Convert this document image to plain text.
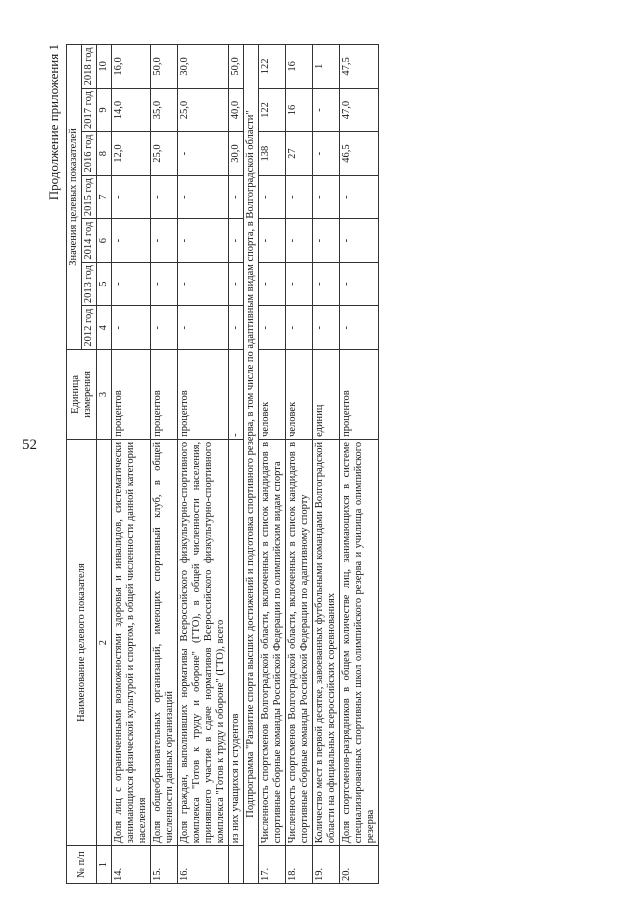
52
Продолжение приложения 1
№ п/п	Наименование целевого показателя	Единица измерения	Значения целевых показателей						
			2012 год	2013 год	2014 год	2015 год	2016 год	2017 год	2018 год
1	2	3	4	5	6	7	8	9	10
14.	Доля лиц с ограниченными возможностями здоровья и инвалидов, систематически занимающихся физической культурой и спортом, в общей численности данной категории населения	процентов	-	-	-	-	12,0	14,0	16,0
15.	Доля общеобразовательных организаций, имеющих спортивный клуб, в общей численности данных организаций	процентов	-	-	-	-	25,0	35,0	50,0
16.	Доля граждан, выполнивших нормативы Всероссийского физкультурно-спортивного комплекса "Готов к труду и обороне" (ГТО), в общей численности населения, принявшего участие в сдаче нормативов Всероссийского физкультурно-спортивного комплекса "Готов к труду и обороне" (ГТО), всего	процентов	-	-	-	-	-	25,0	30,0
	из них учащихся и студентов	-	-	-	-	-	30,0	40,0	50,0
Подпрограмма "Развитие спорта высших достижений и подготовка спортивного резерва, в том числе по адаптивным видам спорта, в Волгоградской области"									
17.	Численность спортсменов Волгоградской области, включенных в список кандидатов в спортивные сборные команды Российской Федерации по олимпийским видам спорта	человек	-	-	-	-	138	122	122
18.	Численность спортсменов Волгоградской области, включенных в список кандидатов в спортивные сборные команды Российской Федерации по адаптивному спорту	человек	-	-	-	-	27	16	16
19.	Количество мест в первой десятке, завоеванных футбольными командами Волгоградской области на официальных всероссийских соревнованиях	единиц	-	-	-	-	-	-	1
20.	Доля спортсменов-разрядников в общем количестве лиц, занимающихся в системе специализированных спортивных школ олимпийского резерва и училища олимпийского резерва	процентов	-	-	-	-	46,5	47,0	47,5
